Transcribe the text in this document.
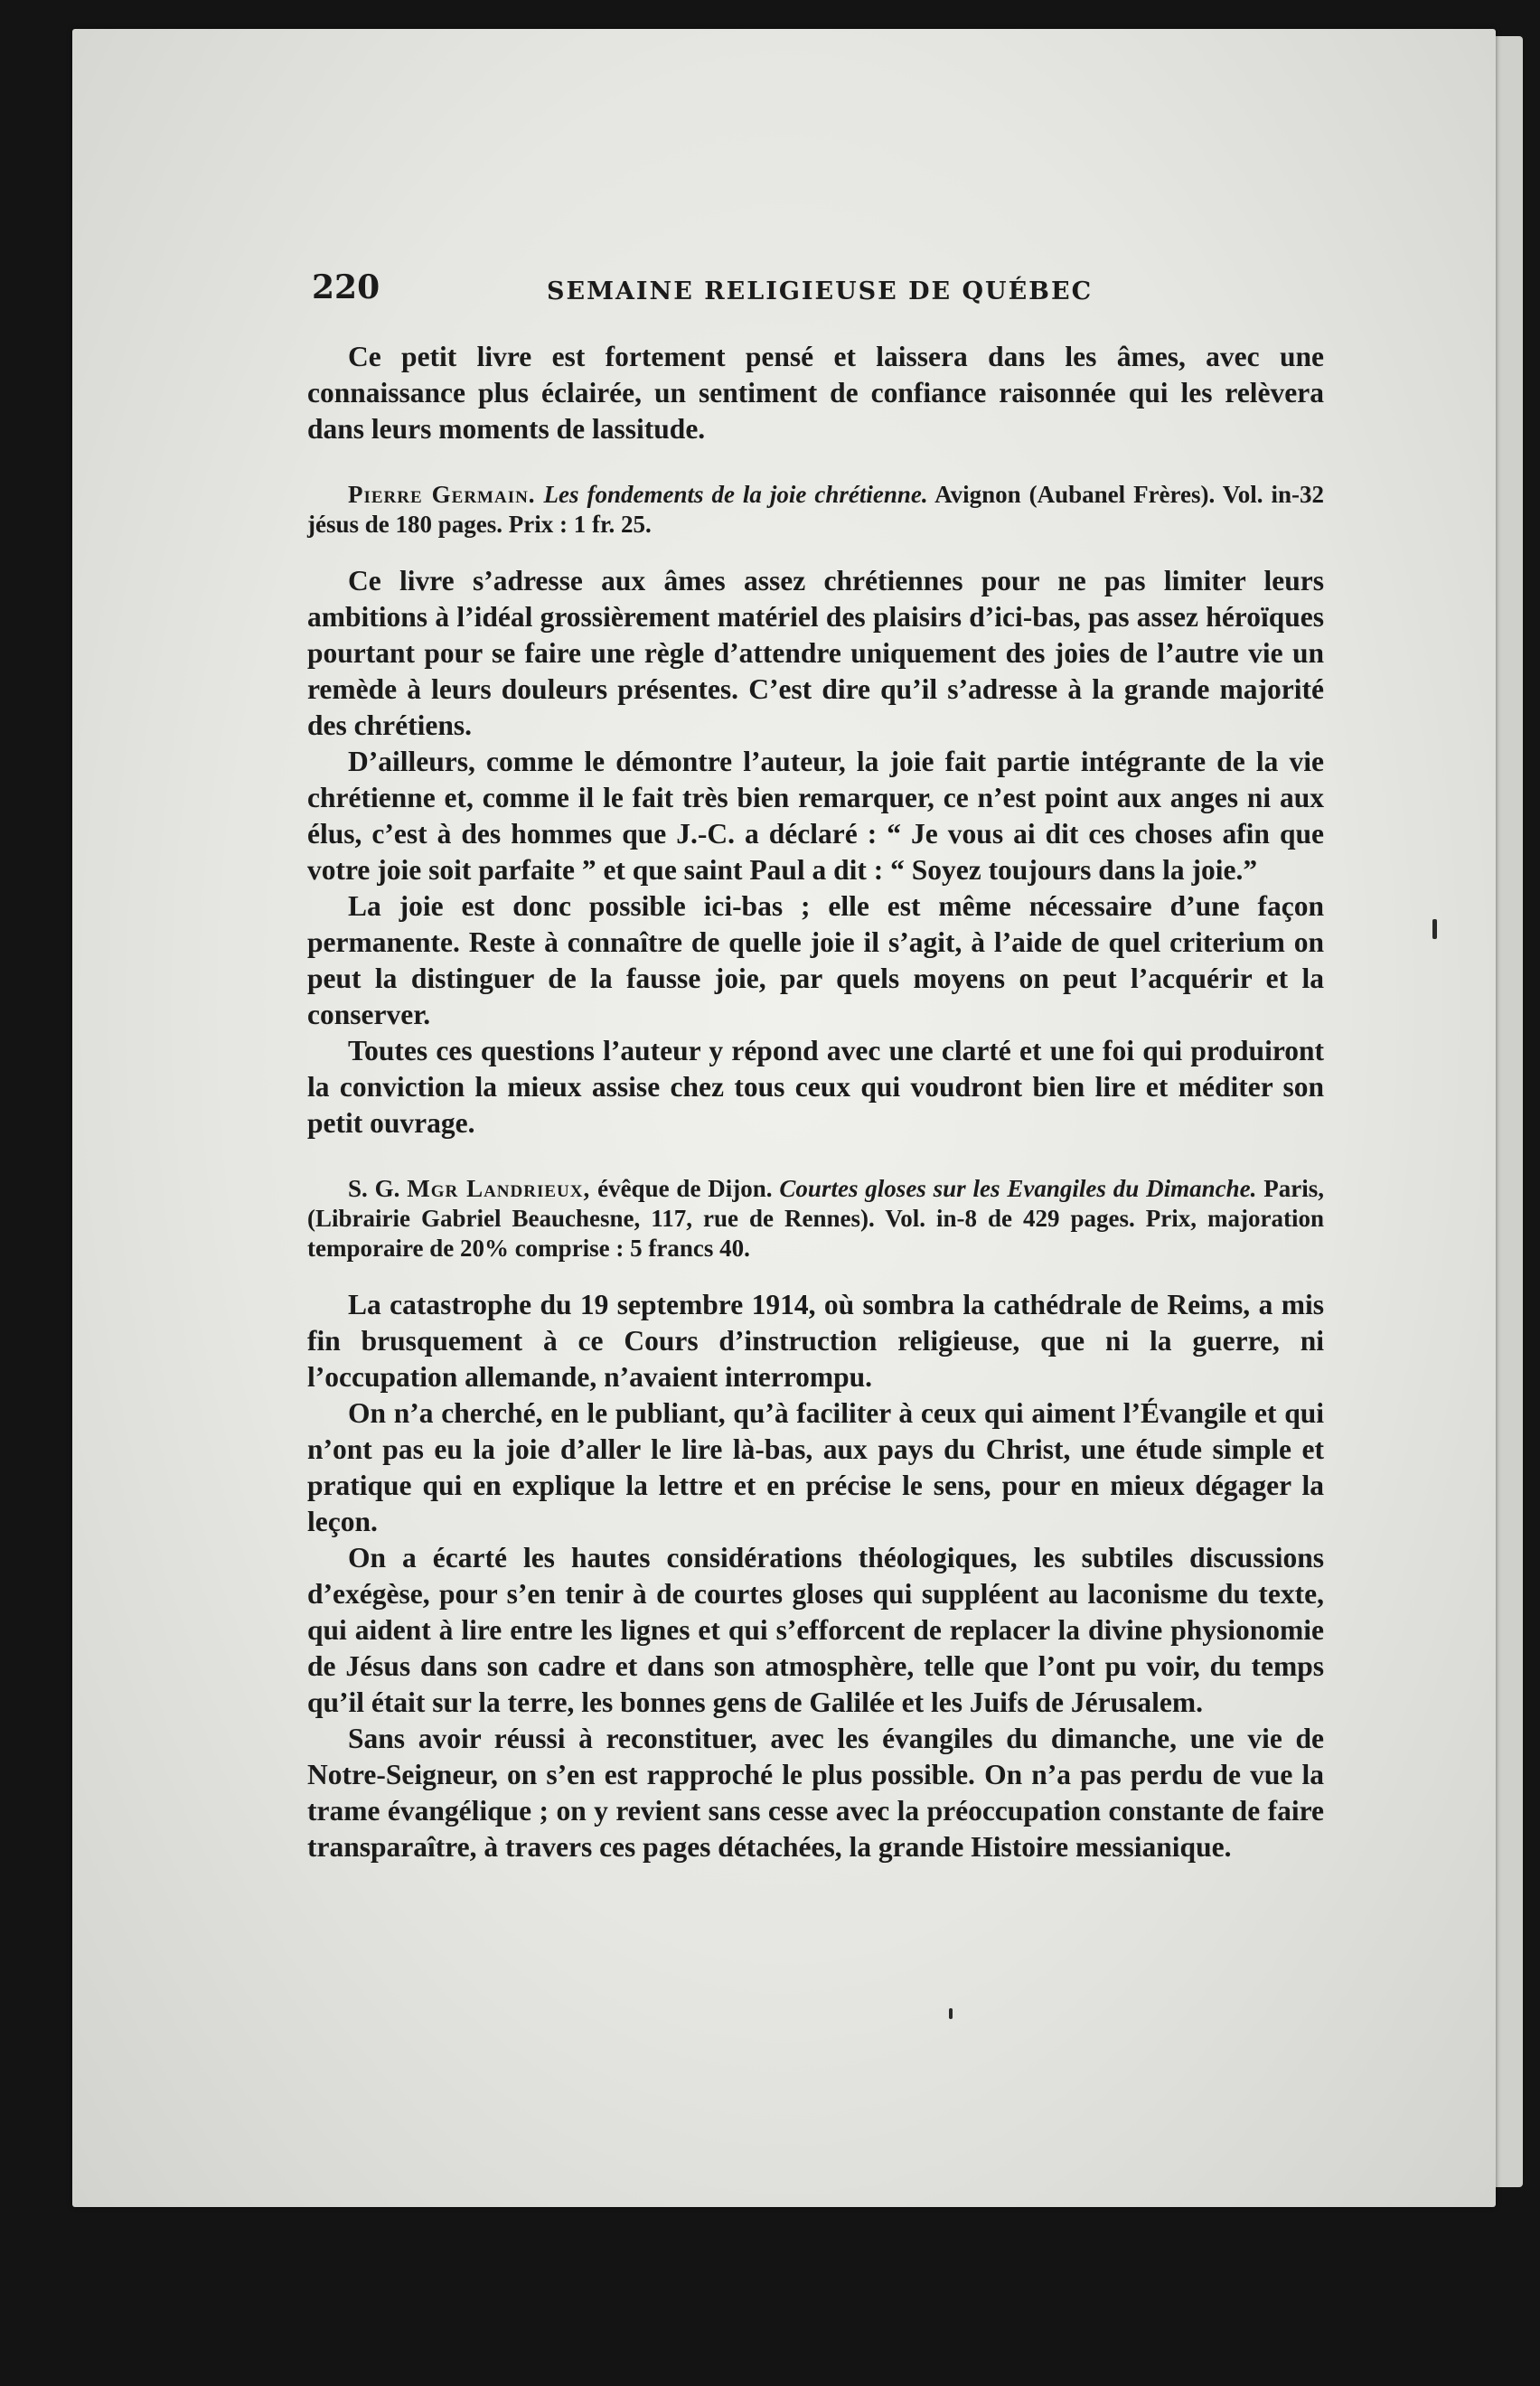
220	SEMAINE RELIGIEUSE DE QUÉBEC

Ce petit livre est fortement pensé et laissera dans les âmes, avec une connaissance plus éclairée, un sentiment de confiance raisonnée qui les relèvera dans leurs moments de lassitude.

Pierre Germain. Les fondements de la joie chrétienne. Avignon (Aubanel Frères). Vol. in-32 jésus de 180 pages. Prix : 1 fr. 25.

Ce livre s’adresse aux âmes assez chrétiennes pour ne pas limiter leurs ambitions à l’idéal grossièrement matériel des plaisirs d’ici-bas, pas assez héroïques pourtant pour se faire une règle d’attendre uniquement des joies de l’autre vie un remède à leurs douleurs présentes. C’est dire qu’il s’adresse à la grande majorité des chrétiens.

D’ailleurs, comme le démontre l’auteur, la joie fait partie intégrante de la vie chrétienne et, comme il le fait très bien remarquer, ce n’est point aux anges ni aux élus, c’est à des hommes que J.-C. a déclaré : “ Je vous ai dit ces choses afin que votre joie soit parfaite ” et que saint Paul a dit : “ Soyez toujours dans la joie.”

La joie est donc possible ici-bas ; elle est même nécessaire d’une façon permanente. Reste à connaître de quelle joie il s’agit, à l’aide de quel criterium on peut la distinguer de la fausse joie, par quels moyens on peut l’acquérir et la conserver.

Toutes ces questions l’auteur y répond avec une clarté et une foi qui produiront la conviction la mieux assise chez tous ceux qui voudront bien lire et méditer son petit ouvrage.

S. G. Mgr Landrieux, évêque de Dijon. Courtes gloses sur les Evangiles du Dimanche. Paris, (Librairie Gabriel Beauchesne, 117, rue de Rennes). Vol. in-8 de 429 pages. Prix, majoration temporaire de 20% comprise : 5 francs 40.

La catastrophe du 19 septembre 1914, où sombra la cathédrale de Reims, a mis fin brusquement à ce Cours d’instruction religieuse, que ni la guerre, ni l’occupation allemande, n’avaient interrompu.

On n’a cherché, en le publiant, qu’à faciliter à ceux qui aiment l’Évangile et qui n’ont pas eu la joie d’aller le lire là-bas, aux pays du Christ, une étude simple et pratique qui en explique la lettre et en précise le sens, pour en mieux dégager la leçon.

On a écarté les hautes considérations théologiques, les subtiles discussions d’exégèse, pour s’en tenir à de courtes gloses qui suppléent au laconisme du texte, qui aident à lire entre les lignes et qui s’efforcent de replacer la divine physionomie de Jésus dans son cadre et dans son atmosphère, telle que l’ont pu voir, du temps qu’il était sur la terre, les bonnes gens de Galilée et les Juifs de Jérusalem.

Sans avoir réussi à reconstituer, avec les évangiles du dimanche, une vie de Notre-Seigneur, on s’en est rapproché le plus possible. On n’a pas perdu de vue la trame évangélique ; on y revient sans cesse avec la préoccupation constante de faire transparaître, à travers ces pages détachées, la grande Histoire messianique.
